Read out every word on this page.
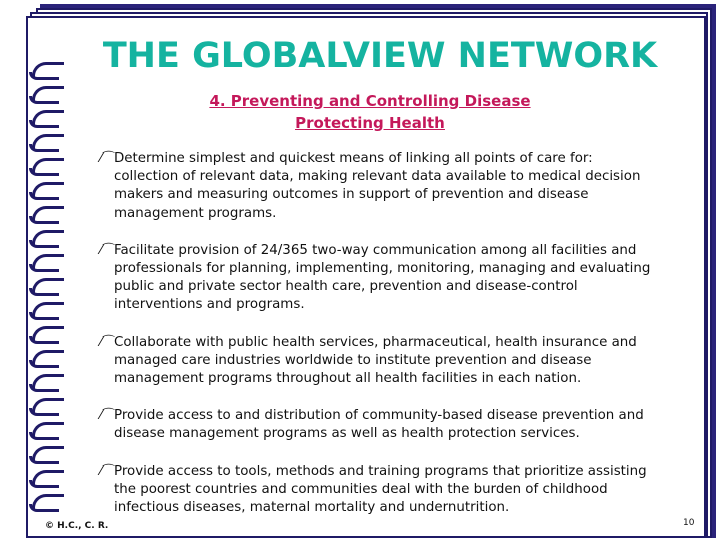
THE GLOBALVIEW NETWORK
4. Preventing and Controlling Disease
Protecting Health
⁄⌒
Determine simplest and quickest means of linking all points of care for: collection of relevant data, making relevant data available to medical decision makers and measuring outcomes in support of prevention and disease management programs.
⁄⌒
Facilitate provision of 24/365 two-way communication among all facilities and professionals for planning, implementing, monitoring, managing and evaluating public and private sector health care, prevention and disease-control interventions and programs.
⁄⌒
Collaborate with public health services, pharmaceutical, health insurance and managed care industries worldwide to institute prevention and disease management programs throughout all health facilities in each nation.
⁄⌒
Provide access to and distribution of community-based disease prevention and disease management programs as well as health protection services.
⁄⌒
Provide access to tools, methods and training programs that prioritize assisting the poorest countries and communities deal with the burden of childhood infectious diseases, maternal mortality and undernutrition.
© H.C., C. R.	10
